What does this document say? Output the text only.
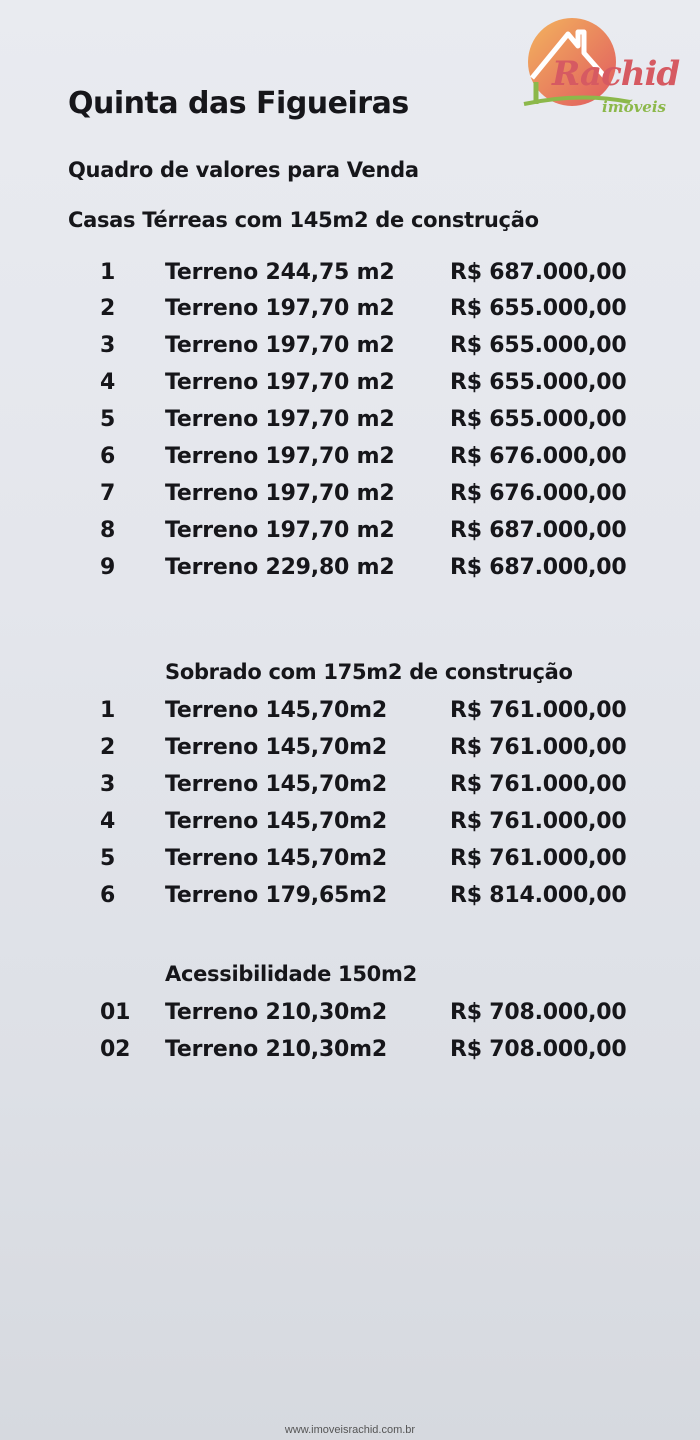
Rachid
imóveis
Quinta das Figueiras
Quadro de valores para Venda
Casas Térreas com 145m2 de construção
1 Terreno 244,75 m2	R$ 687.000,00
2 Terreno 197,70 m2	R$ 655.000,00
3 Terreno 197,70 m2	R$ 655.000,00
4 Terreno 197,70 m2	R$ 655.000,00
5 Terreno 197,70 m2	R$ 655.000,00
6 Terreno 197,70 m2	R$ 676.000,00
7 Terreno 197,70 m2	R$ 676.000,00
8 Terreno 197,70 m2	R$ 687.000,00
9 Terreno 229,80 m2	R$ 687.000,00
Sobrado com 175m2 de construção
1 Terreno 145,70m2	R$ 761.000,00
2 Terreno 145,70m2	R$ 761.000,00
3 Terreno 145,70m2	R$ 761.000,00
4 Terreno 145,70m2	R$ 761.000,00
5 Terreno 145,70m2	R$ 761.000,00
6 Terreno 179,65m2	R$ 814.000,00
Acessibilidade 150m2
01 Terreno 210,30m2	R$ 708.000,00
02 Terreno 210,30m2	R$ 708.000,00
www.imoveisrachid.com.br
